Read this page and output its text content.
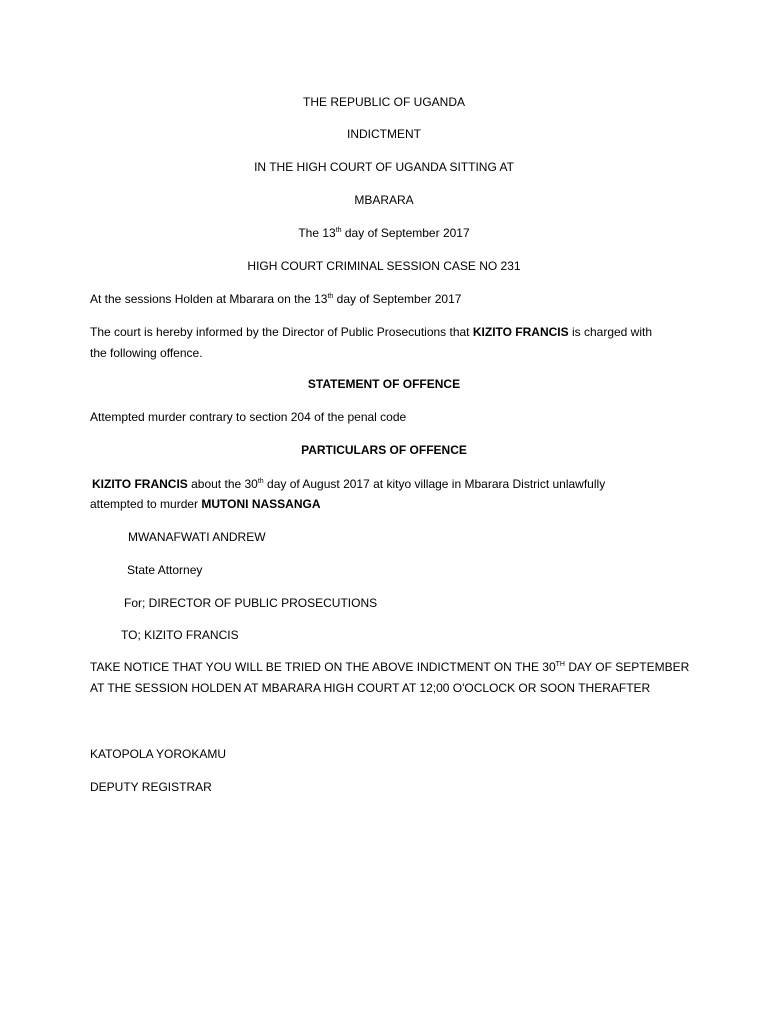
THE REPUBLIC OF UGANDA
INDICTMENT
IN THE HIGH COURT OF UGANDA SITTING AT
MBARARA
The 13th day of September 2017
HIGH COURT CRIMINAL SESSION CASE NO 231
At the sessions Holden at Mbarara on the 13th day of September 2017
The court is hereby informed by the Director of Public Prosecutions that KIZITO FRANCIS is charged with
the following offence.
STATEMENT OF OFFENCE
Attempted murder contrary to section 204 of the penal code
PARTICULARS OF OFFENCE
KIZITO FRANCIS about the 30th day of August 2017 at kityo village in Mbarara District unlawfully
attempted to murder MUTONI NASSANGA
MWANAFWATI ANDREW
State Attorney
For; DIRECTOR OF PUBLIC PROSECUTIONS
TO; KIZITO FRANCIS
TAKE NOTICE THAT YOU WILL BE TRIED ON THE ABOVE INDICTMENT ON THE 30TH DAY OF SEPTEMBER
AT THE SESSION HOLDEN AT MBARARA HIGH COURT AT 12;00 O'OCLOCK OR SOON THERAFTER
KATOPOLA YOROKAMU
DEPUTY REGISTRAR
